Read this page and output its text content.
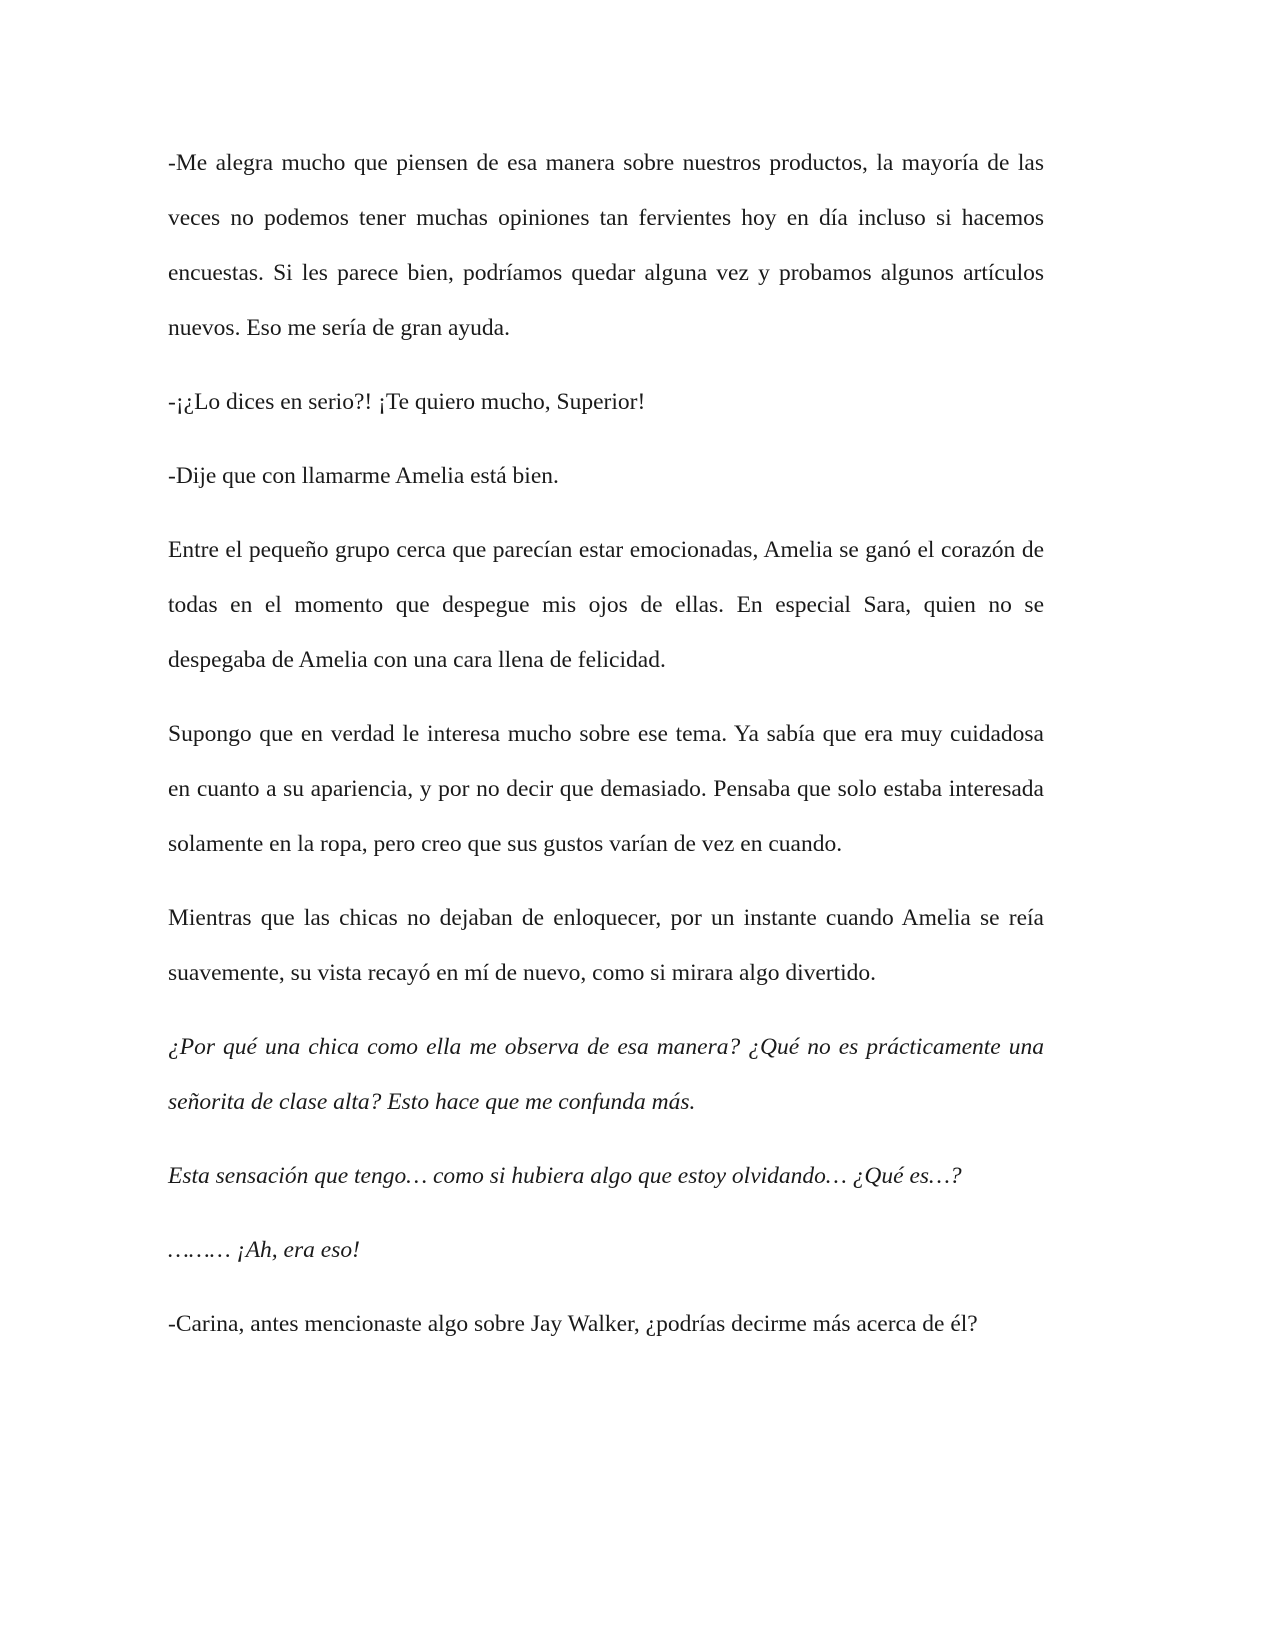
-Me alegra mucho que piensen de esa manera sobre nuestros productos, la mayoría de las veces no podemos tener muchas opiniones tan fervientes hoy en día incluso si hacemos encuestas. Si les parece bien, podríamos quedar alguna vez y probamos algunos artículos nuevos. Eso me sería de gran ayuda.

-¡¿Lo dices en serio?! ¡Te quiero mucho, Superior!

-Dije que con llamarme Amelia está bien.

Entre el pequeño grupo cerca que parecían estar emocionadas, Amelia se ganó el corazón de todas en el momento que despegue mis ojos de ellas. En especial Sara, quien no se despegaba de Amelia con una cara llena de felicidad.

Supongo que en verdad le interesa mucho sobre ese tema. Ya sabía que era muy cuidadosa en cuanto a su apariencia, y por no decir que demasiado. Pensaba que solo estaba interesada solamente en la ropa, pero creo que sus gustos varían de vez en cuando.

Mientras que las chicas no dejaban de enloquecer, por un instante cuando Amelia se reía suavemente, su vista recayó en mí de nuevo, como si mirara algo divertido.

¿Por qué una chica como ella me observa de esa manera? ¿Qué no es prácticamente una señorita de clase alta? Esto hace que me confunda más.

Esta sensación que tengo… como si hubiera algo que estoy olvidando… ¿Qué es…?

……… ¡Ah, era eso!

-Carina, antes mencionaste algo sobre Jay Walker, ¿podrías decirme más acerca de él?
